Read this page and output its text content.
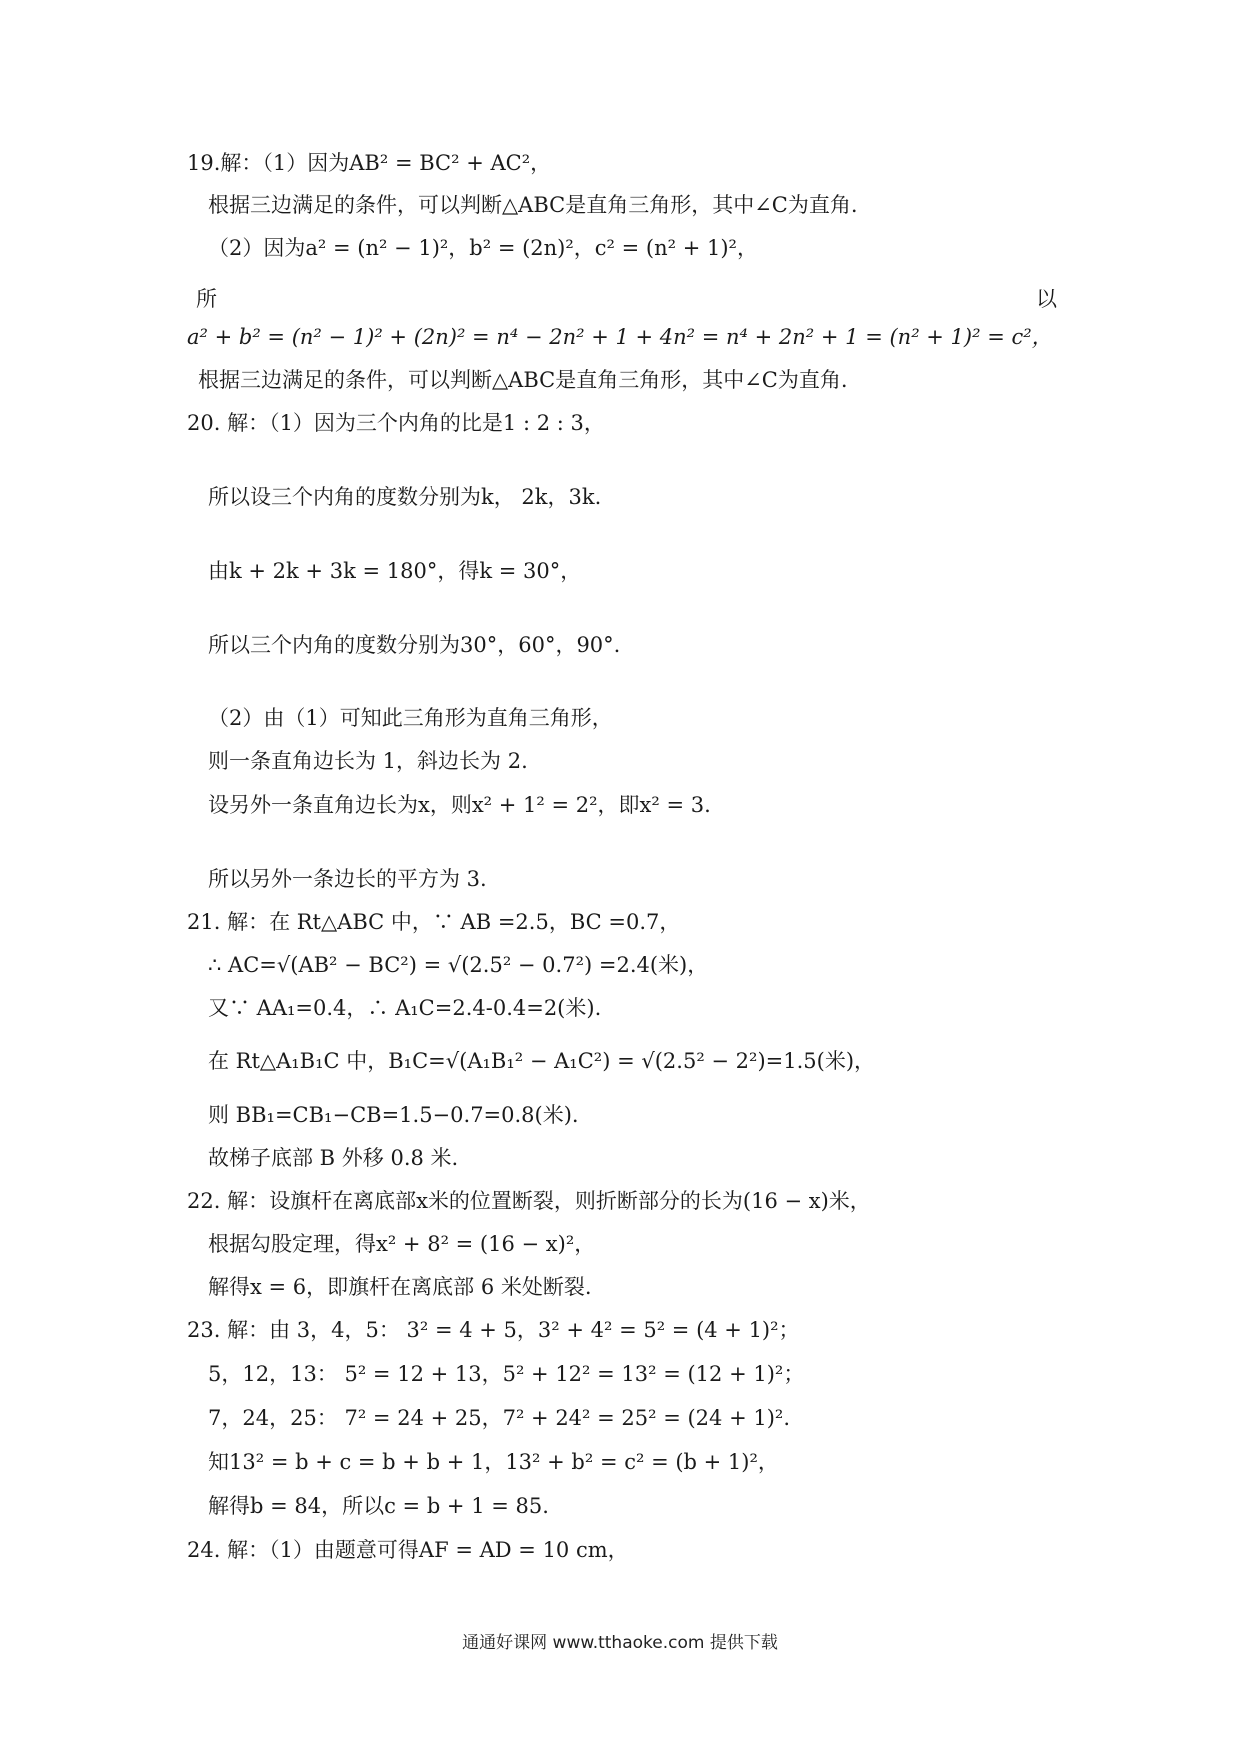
19.解：（1）因为AB² = BC² + AC²，
根据三边满足的条件，可以判断△ABC是直角三角形，其中∠C为直角.
（2）因为a² = (n² − 1)²，b² = (2n)²，c² = (n² + 1)²，
所	以
a² + b² = (n² − 1)² + (2n)² = n⁴ − 2n² + 1 + 4n² = n⁴ + 2n² + 1 = (n² + 1)² = c²，
根据三边满足的条件，可以判断△ABC是直角三角形，其中∠C为直角.
20. 解：（1）因为三个内角的比是1 : 2 : 3，
所以设三个内角的度数分别为k， 2k，3k.
由k + 2k + 3k = 180°，得k = 30°，
所以三个内角的度数分别为30°，60°，90°.
（2）由（1）可知此三角形为直角三角形，
则一条直角边长为 1，斜边长为 2.
设另外一条直角边长为x，则x² + 1² = 2²，即x² = 3.
所以另外一条边长的平方为 3.
21. 解：在 Rt△ABC 中，∵ AB =2.5，BC =0.7，
∴ AC=√(AB² − BC²) = √(2.5² − 0.7²) =2.4(米)，
又∵ AA₁=0.4，∴ A₁C=2.4-0.4=2(米).
在 Rt△A₁B₁C 中，B₁C=√(A₁B₁² − A₁C²) = √(2.5² − 2²)=1.5(米)，
则 BB₁=CB₁−CB=1.5−0.7=0.8(米).
故梯子底部 B 外移 0.8 米.
22. 解：设旗杆在离底部x米的位置断裂，则折断部分的长为(16 − x)米，
根据勾股定理，得x² + 8² = (16 − x)²，
解得x = 6，即旗杆在离底部 6 米处断裂.
23. 解：由 3，4，5： 3² = 4 + 5，3² + 4² = 5² = (4 + 1)²；
5，12，13： 5² = 12 + 13，5² + 12² = 13² = (12 + 1)²；
7，24，25： 7² = 24 + 25，7² + 24² = 25² = (24 + 1)².
知13² = b + c = b + b + 1，13² + b² = c² = (b + 1)²，
解得b = 84，所以c = b + 1 = 85.
24. 解：（1）由题意可得AF = AD = 10 cm，
通通好课网 www.tthaoke.com 提供下载
